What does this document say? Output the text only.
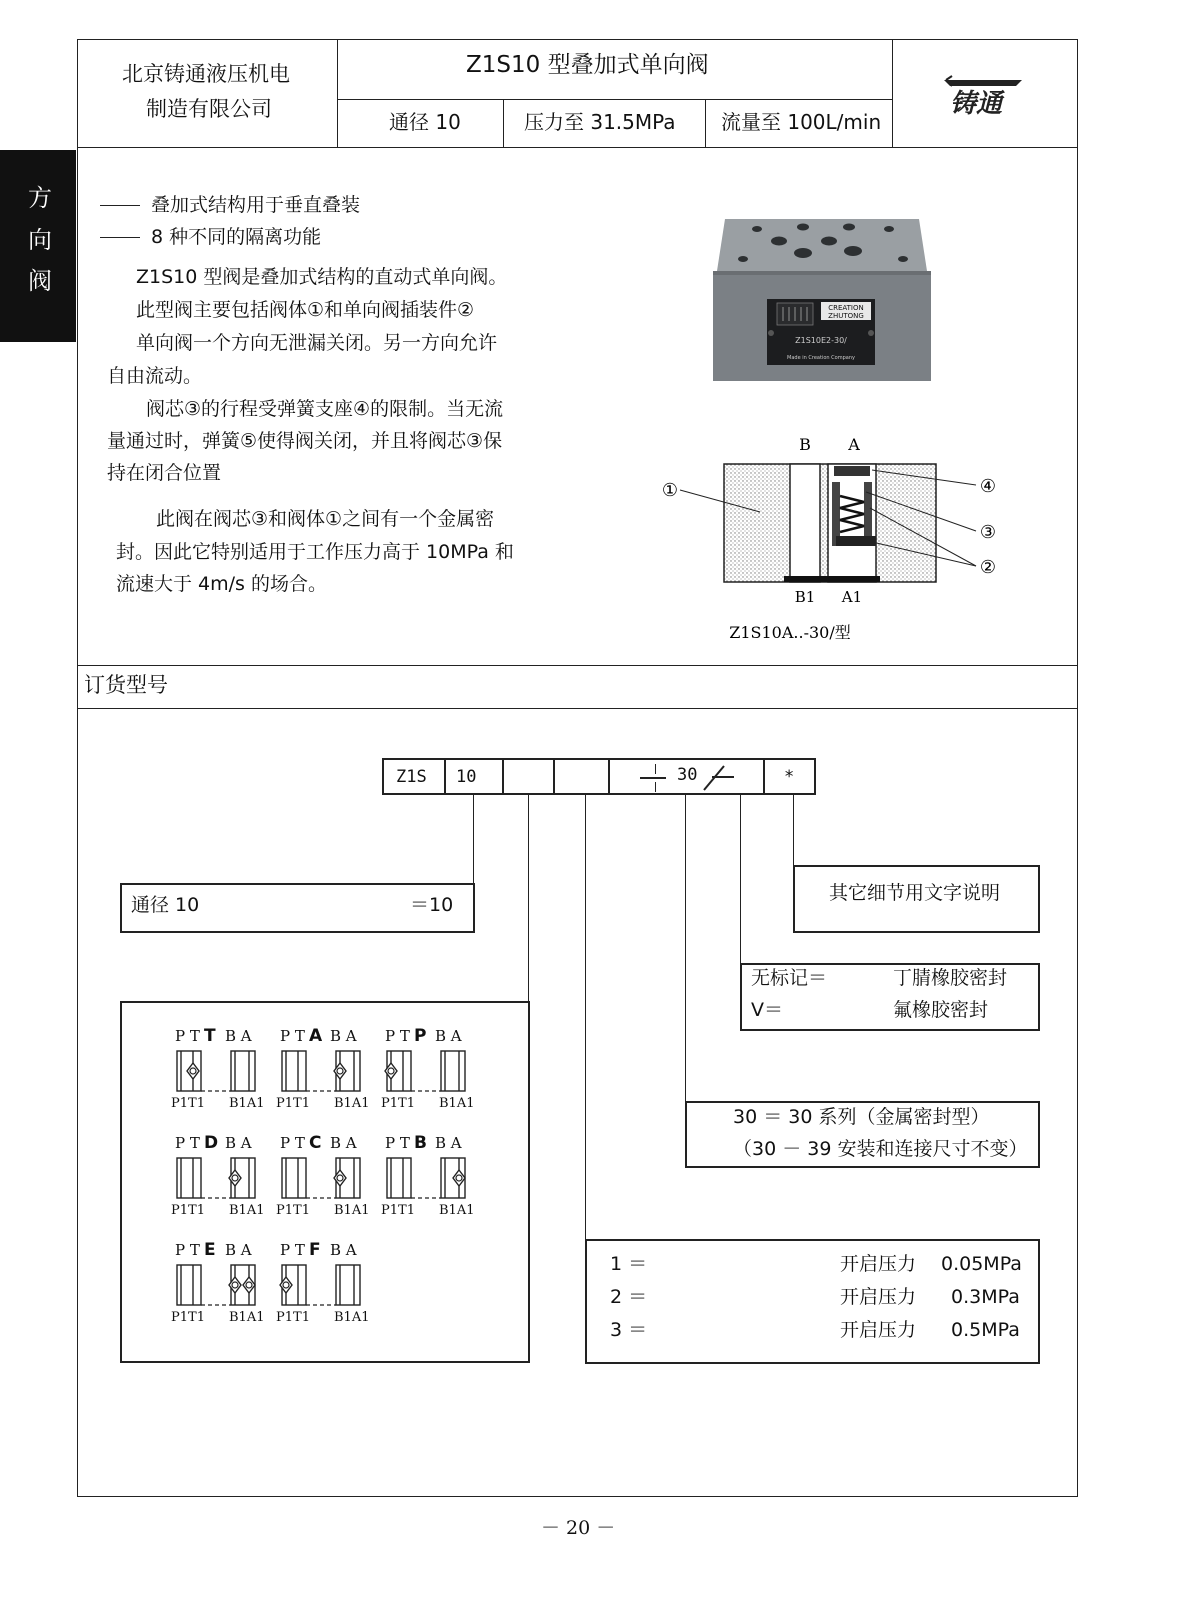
北京铸通液压机电
制造有限公司
Z1S10 型叠加式单向阀
通径 10	压力至 31.5MPa 流量至 100L/min
铸通
方
向
阀
叠加式结构用于垂直叠装
8 种不同的隔离功能
Z1S10 型阀是叠加式结构的直动式单向阀。
此型阀主要包括阀体①和单向阀插装件②
单向阀一个方向无泄漏关闭。另一方向允许
自由流动。
阀芯③的行程受弹簧支座④的限制。当无流
量通过时，弹簧⑤使得阀关闭，并且将阀芯③保
持在闭合位置
此阀在阀芯③和阀体①之间有一个金属密
封。因此它特别适用于工作压力高于 10MPa 和
流速大于 4m/s 的场合。
CREATION
ZHUTONG
Z1S10E2-30/
Made in Creation Company
B A
B1 A1
①	④
③
②
Z1S10A..-30/型
订货型号
Z1S 10	30	*
通径 10	＝10
其它细节用文字说明
无标记＝	丁腈橡胶密封
V＝	氟橡胶密封
30 ＝ 30 系列（金属密封型）
（30 － 39 安装和连接尺寸不变）
1 ＝	开启压力 0.05MPa
2 ＝	开启压力 0.3MPa
3 ＝	开启压力 0.5MPa
P T T B A
P1T1 B1A1
P T A B A
P1T1 B1A1
P T P B A
P1T1 B1A1
P T D B A
P1T1 B1A1
P T C B A
P1T1 B1A1
P T B B A
P1T1 B1A1
P T E B A
P1T1 B1A1
P T F B A
P1T1 B1A1
－ 20 －
